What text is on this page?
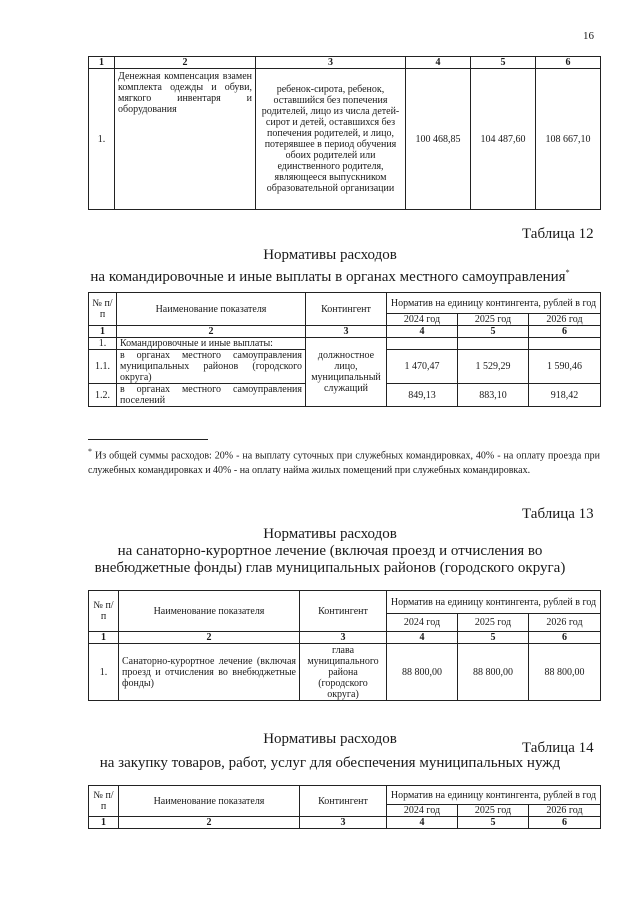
16
1	2	3	4	5	6
1.	Денежная компенсация взамен комплекта одежды и обуви, мягкого инвентаря и оборудования	ребенок-сирота, ребенок, оставшийся без попечения родителей, лицо из числа детей-сирот и детей, оставшихся без попечения родителей, и лицо, потерявшее в период обучения обоих родителей или единственного родителя, являющееся выпускником образовательной организации	100 468,85	104 487,60	108 667,10
Таблица 12
Нормативы расходов
на командировочные и иные выплаты в органах местного самоуправления*
№ п/п	Наименование показателя	Контингент	Норматив на единицу контингента, рублей в год		
			2024 год	2025 год	2026 год
1	2	3	4	5	6
1.	Командировочные и иные выплаты:	должностное лицо, муниципальный служащий			
1.1.	в органах местного самоуправления муниципальных районов (городского округа)		1 470,47	1 529,29	1 590,46
1.2.	в органах местного самоуправления поселений		849,13	883,10	918,42
* Из общей суммы расходов: 20% - на выплату суточных при служебных командировках, 40% - на оплату проезда при служебных командировках и 40% - на оплату найма жилых помещений при служебных командировках.
Таблица 13
Нормативы расходов
на санаторно-курортное лечение (включая проезд и отчисления во
внебюджетные фонды) глав муниципальных районов (городского округа)
№ п/п	Наименование показателя	Контингент	Норматив на единицу контингента, рублей в год		
			2024 год	2025 год	2026 год
1	2	3	4	5	6
1.	Санаторно-курортное лечение (включая проезд и отчисления во внебюджетные фонды)	глава муниципального района (городского округа)	88 800,00	88 800,00	88 800,00
Таблица 14
Нормативы расходов
на закупку товаров, работ, услуг для обеспечения муниципальных нужд
№ п/п	Наименование показателя	Контингент	Норматив на единицу контингента, рублей в год		
			2024 год	2025 год	2026 год
1	2	3	4	5	6
